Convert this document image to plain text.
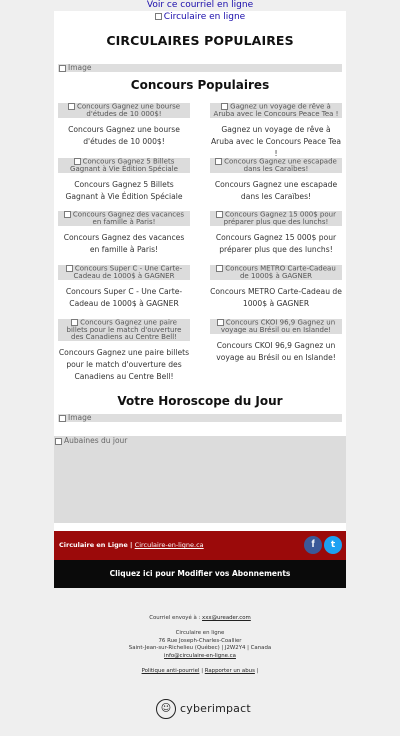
Voir ce courriel en ligne
Circulaire en ligne
CIRCULAIRES POPULAIRES
Image
Concours Populaires
Concours Gagnez une bourse d'études de 10 000$!
Concours Gagnez une bourse d'études de 10 000$!
Gagnez un voyage de rêve à Aruba avec le Concours Peace Tea !
Gagnez un voyage de rêve à Aruba avec le Concours Peace Tea !
Concours Gagnez 5 Billets Gagnant à Vie Édition Spéciale
Concours Gagnez 5 Billets Gagnant à Vie Édition Spéciale
Concours Gagnez une escapade dans les Caraïbes!
Concours Gagnez une escapade dans les Caraïbes!
Concours Gagnez des vacances en famille à Paris!
Concours Gagnez des vacances en famille à Paris!
Concours Gagnez 15 000$ pour préparer plus que des lunchs!
Concours Gagnez 15 000$ pour préparer plus que des lunchs!
Concours Super C - Une Carte-Cadeau de 1000$ à GAGNER
Concours Super C - Une Carte-Cadeau de 1000$ à GAGNER
Concours METRO Carte-Cadeau de 1000$ à GAGNER
Concours METRO Carte-Cadeau de 1000$ à GAGNER
Concours Gagnez une paire billets pour le match d'ouverture des Canadiens au Centre Bell!
Concours Gagnez une paire billets pour le match d'ouverture des Canadiens au Centre Bell!
Concours CKOI 96,9 Gagnez un voyage au Brésil ou en Islande!
Concours CKOI 96,9 Gagnez un voyage au Brésil ou en Islande!
Votre Horoscope du Jour
Image
Aubaines du jour
Circulaire en Ligne | Circulaire-en-ligne.ca	f	t
Cliquez ici pour Modifier vos Abonnements
Courriel envoyé à : xxx@ureader.com
Circulaire en ligne
76 Rue Joseph-Charles-Coallier
Saint-Jean-sur-Richelieu (Québec) | J2W2Y4 | Canada
info@circulaire-en-ligne.ca
Politique anti-pourriel | Rapporter un abus |
☺ cyberimpact
